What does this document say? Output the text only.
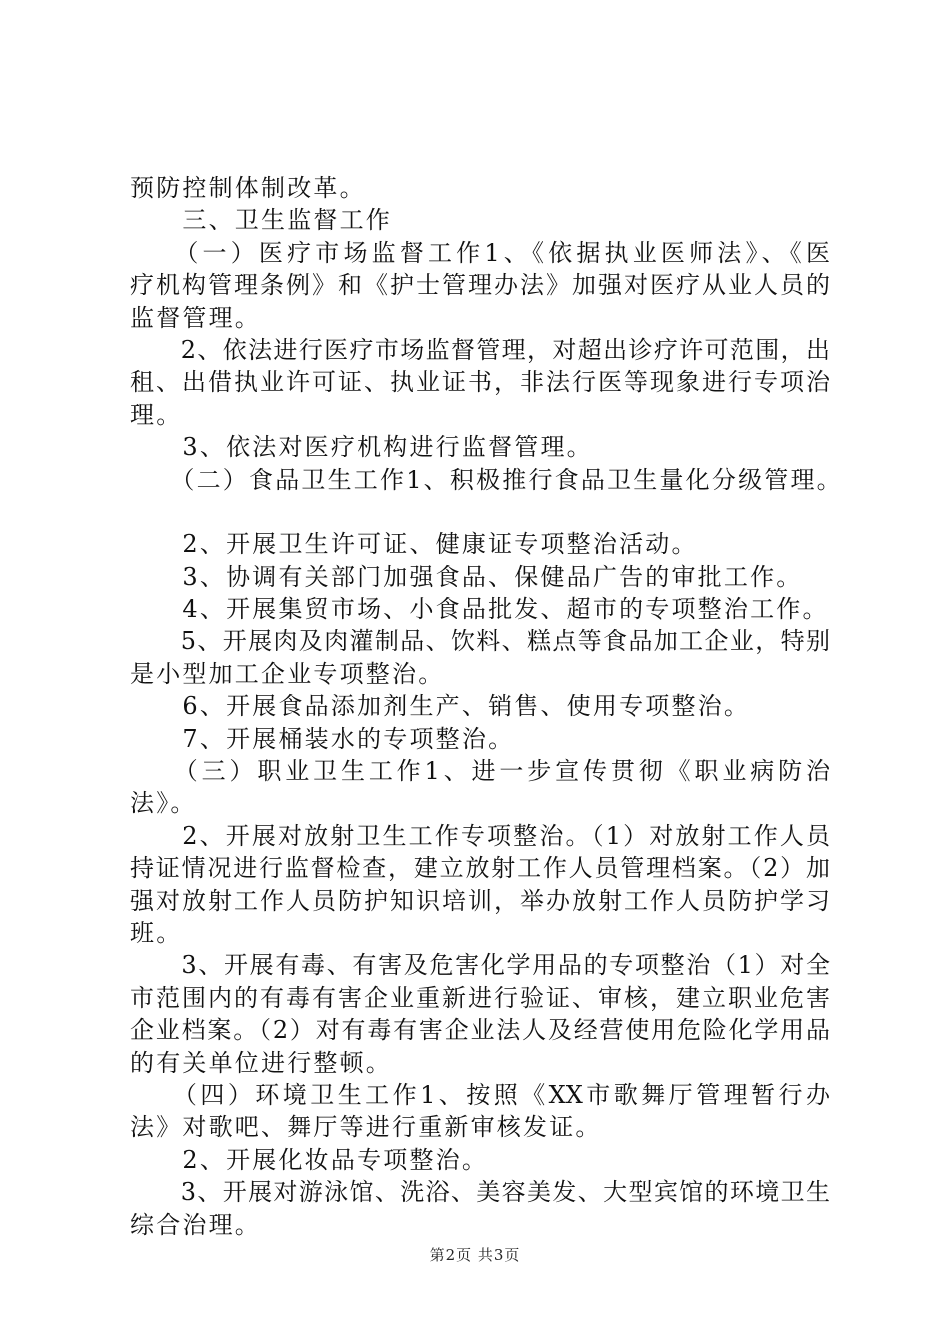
预防控制体制改革。
　　三、卫生监督工作
　　（一）医疗市场监督工作1、《依据执业医师法》、《医
疗机构管理条例》和《护士管理办法》加强对医疗从业人员的
监督管理。
　　2、依法进行医疗市场监督管理，对超出诊疗许可范围，出
租、出借执业许可证、执业证书，非法行医等现象进行专项治
理。
　　3、依法对医疗机构进行监督管理。
　　（二）食品卫生工作1、积极推行食品卫生量化分级管理。
　　2、开展卫生许可证、健康证专项整治活动。
　　3、协调有关部门加强食品、保健品广告的审批工作。
　　4、开展集贸市场、小食品批发、超市的专项整治工作。
　　5、开展肉及肉灌制品、饮料、糕点等食品加工企业，特别
是小型加工企业专项整治。
　　6、开展食品添加剂生产、销售、使用专项整治。
　　7、开展桶装水的专项整治。
　　（三）职业卫生工作1、进一步宣传贯彻《职业病防治
法》。
　　2、开展对放射卫生工作专项整治。（1）对放射工作人员
持证情况进行监督检查，建立放射工作人员管理档案。（2）加
强对放射工作人员防护知识培训，举办放射工作人员防护学习
班。
　　3、开展有毒、有害及危害化学用品的专项整治（1）对全
市范围内的有毒有害企业重新进行验证、审核，建立职业危害
企业档案。（2）对有毒有害企业法人及经营使用危险化学用品
的有关单位进行整顿。
　　（四）环境卫生工作1、按照《XX市歌舞厅管理暂行办
法》对歌吧、舞厅等进行重新审核发证。
　　2、开展化妆品专项整治。
　　3、开展对游泳馆、洗浴、美容美发、大型宾馆的环境卫生
综合治理。
第2页 共3页
